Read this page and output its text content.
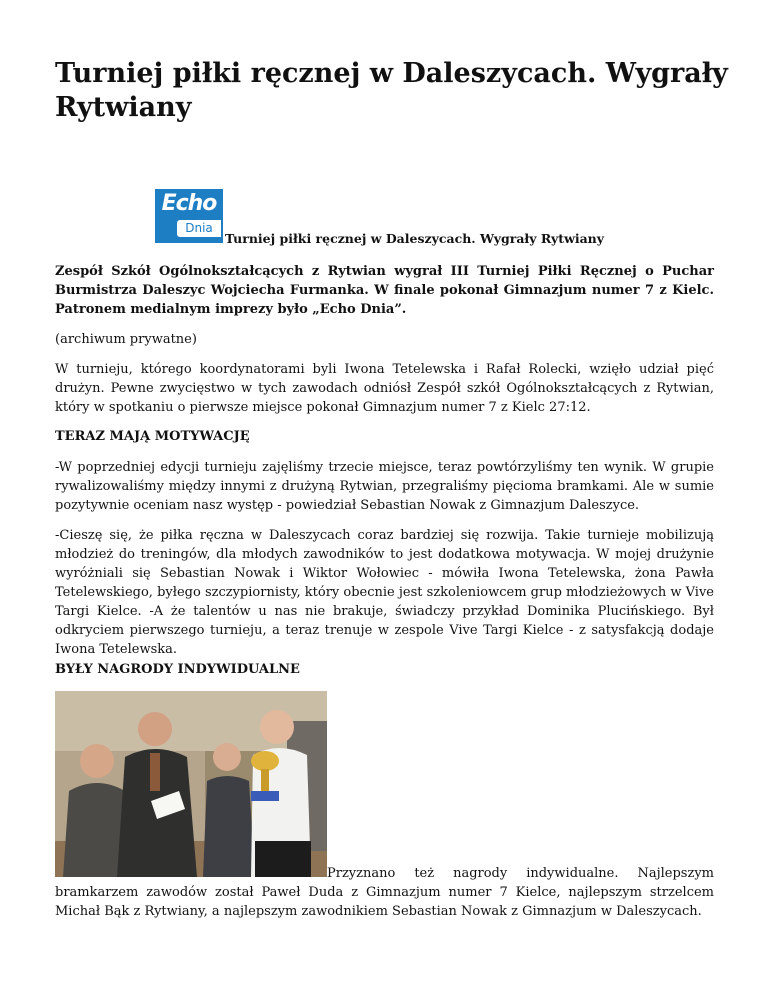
Turniej piłki ręcznej w Daleszycach. Wygrały Rytwiany
Echo
Dnia
Turniej piłki ręcznej w Daleszycach. Wygrały Rytwiany

Zespół Szkół Ogólnokształcących z Rytwian wygrał III Turniej Piłki Ręcznej o Puchar Burmistrza Daleszyc Wojciecha Furmanka. W finale pokonał Gimnazjum numer 7 z Kielc. Patronem medialnym imprezy było „Echo Dnia”.

(archiwum prywatne)

W turnieju, którego koordynatorami byli Iwona Tetelewska i Rafał Rolecki, wzięło udział pięć drużyn. Pewne zwycięstwo w tych zawodach odniósł Zespół szkół Ogólnokształcących z Rytwian, który w spotkaniu o pierwsze miejsce pokonał Gimnazjum numer 7 z Kielc 27:12.

TERAZ MAJĄ MOTYWACJĘ

-W poprzedniej edycji turnieju zajęliśmy trzecie miejsce, teraz powtórzyliśmy ten wynik. W grupie rywalizowaliśmy między innymi z drużyną Rytwian, przegraliśmy pięcioma bramkami. Ale w sumie pozytywnie oceniam nasz występ - powiedział Sebastian Nowak z Gimnazjum Daleszyce.

-Cieszę się, że piłka ręczna w Daleszycach coraz bardziej się rozwija. Takie turnieje mobilizują młodzież do treningów, dla młodych zawodników to jest dodatkowa motywacja. W mojej drużynie wyróżniali się Sebastian Nowak i Wiktor Wołowiec - mówiła Iwona Tetelewska, żona Pawła Tetelewskiego, byłego szczypiornisty, który obecnie jest szkoleniowcem grup młodzieżowych w Vive Targi Kielce. -A że talentów u nas nie brakuje, świadczy przykład Dominika Plucińskiego. Był odkryciem pierwszego turnieju, a teraz trenuje w zespole Vive Targi Kielce - z satysfakcją dodaje Iwona Tetelewska.

BYŁY NAGRODY INDYWIDUALNE

Przyznano też nagrody indywidualne. Najlepszym bramkarzem zawodów został Paweł Duda z Gimnazjum numer 7 Kielce, najlepszym strzelcem Michał Bąk z Rytwiany, a najlepszym zawodnikiem Sebastian Nowak z Gimnazjum w Daleszycach.
